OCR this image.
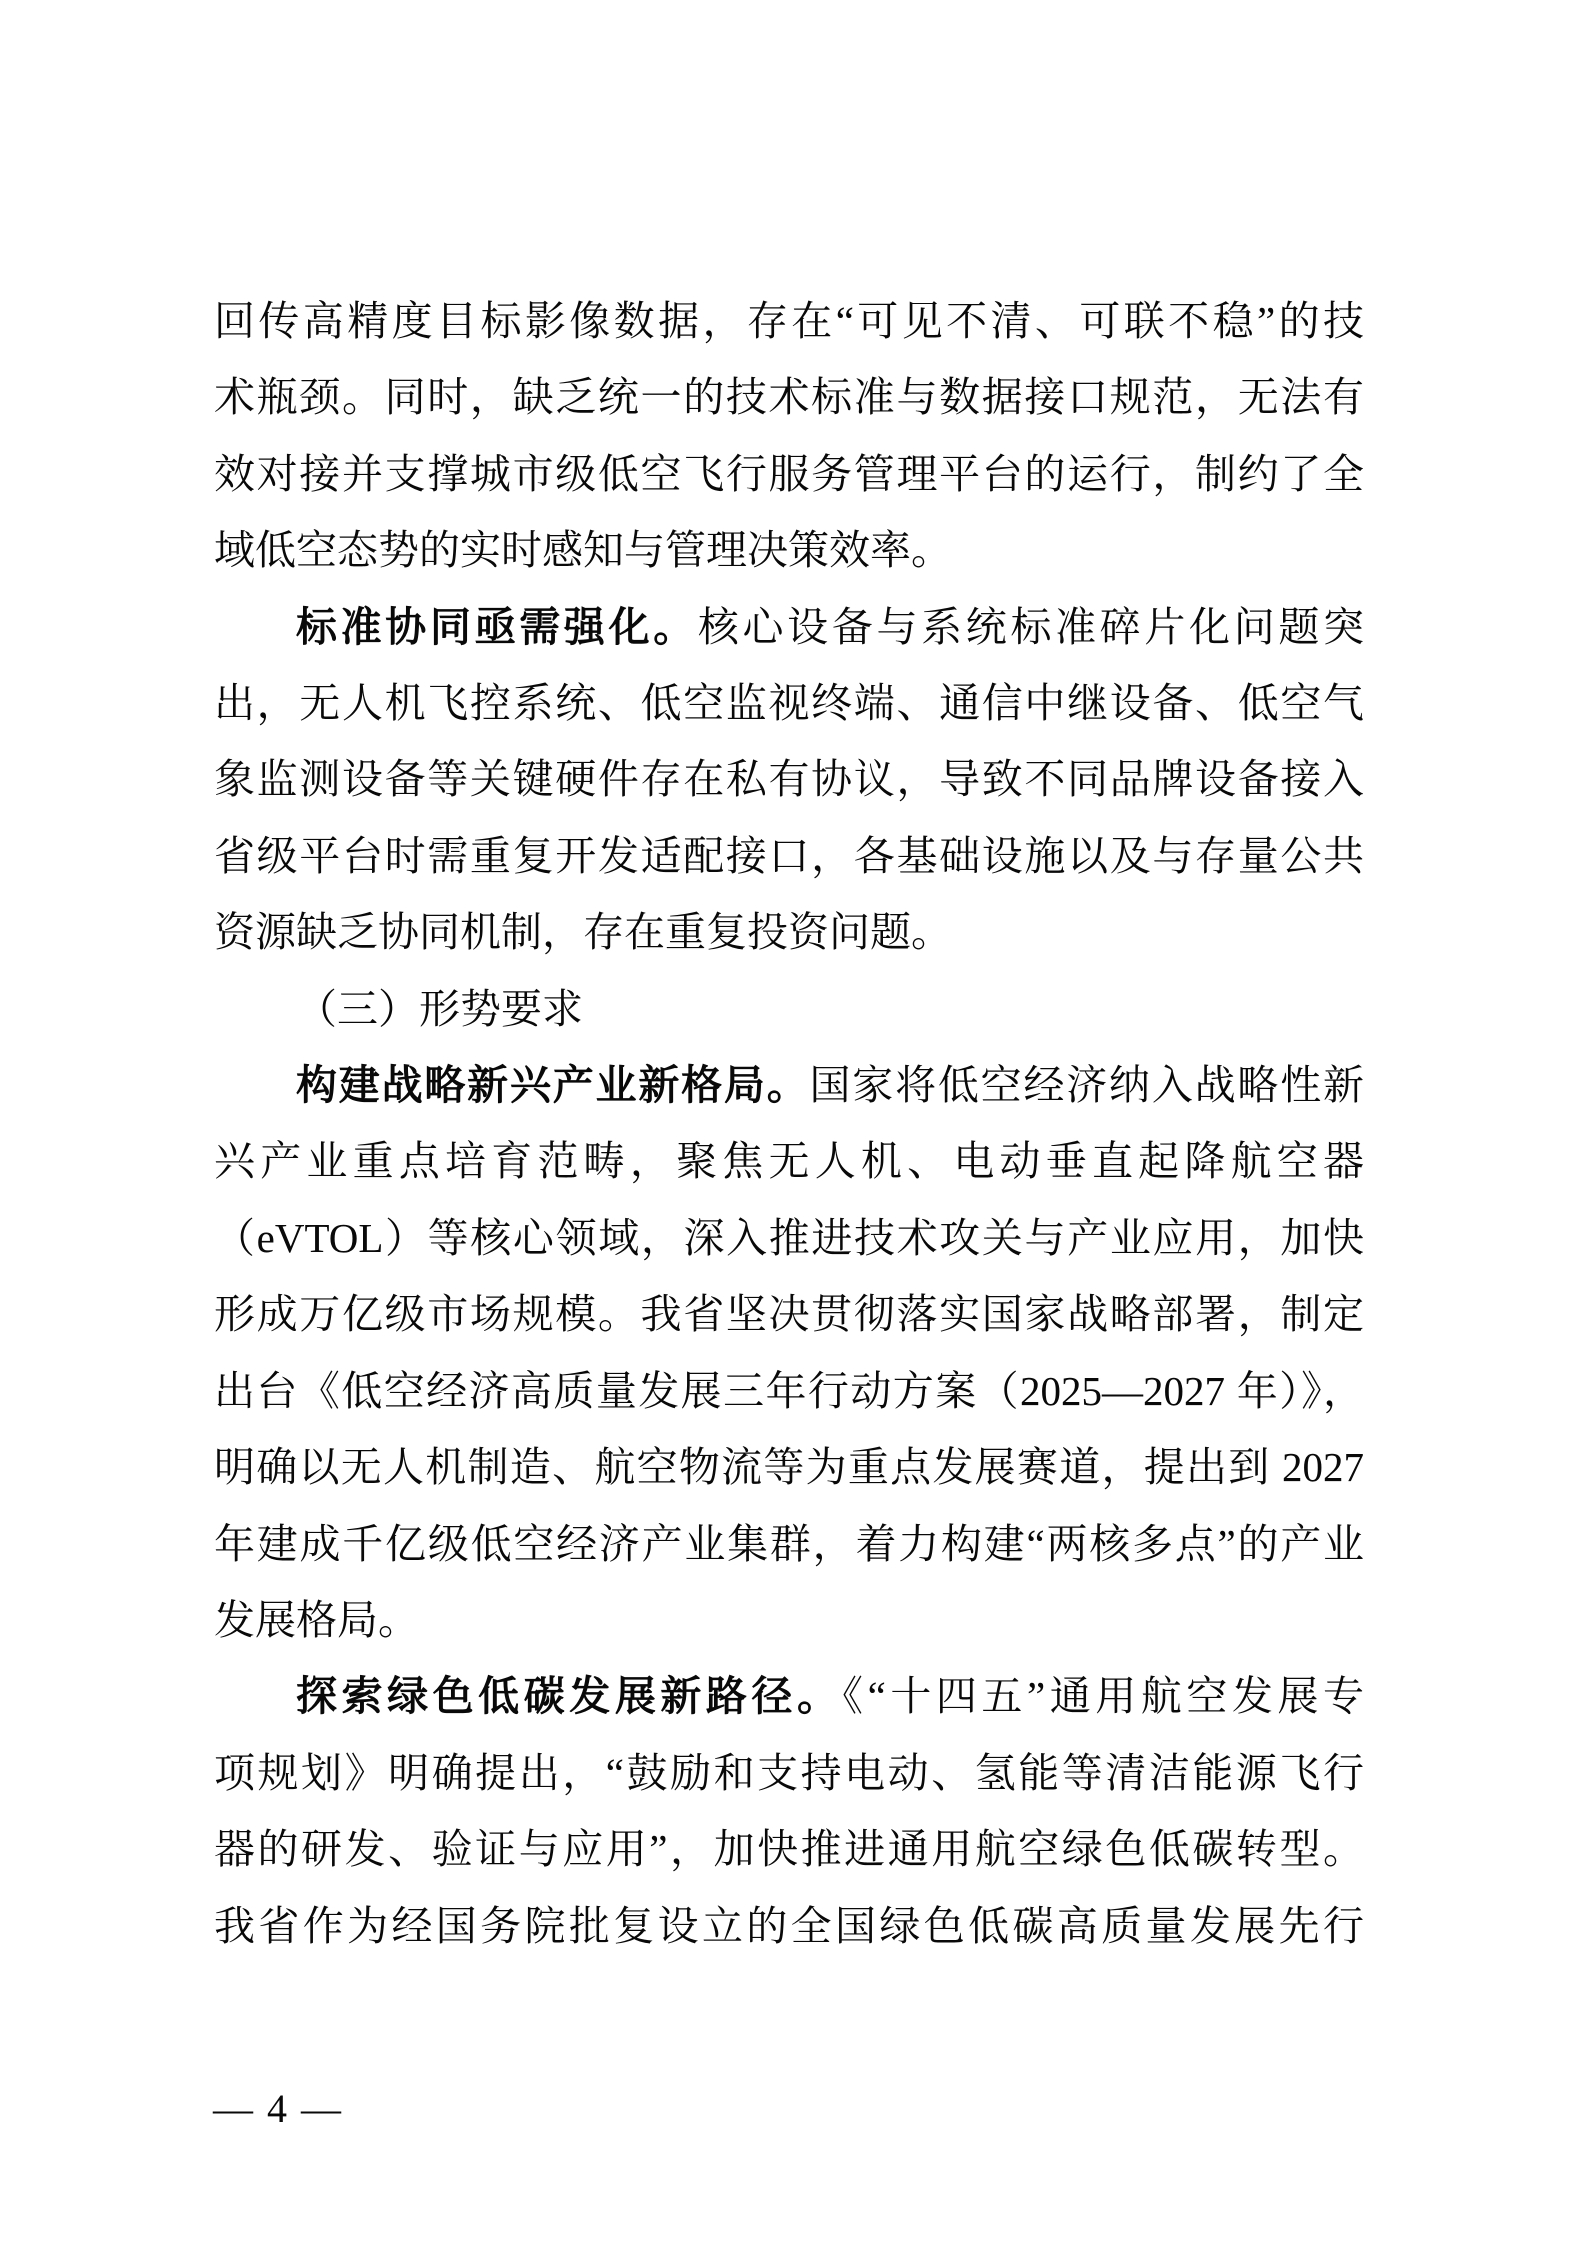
回传高精度目标影像数据，存在“可见不清、可联不稳”的技
术瓶颈。同时，缺乏统一的技术标准与数据接口规范，无法有
效对接并支撑城市级低空飞行服务管理平台的运行，制约了全
域低空态势的实时感知与管理决策效率。
标准协同亟需强化。核心设备与系统标准碎片化问题突
出，无人机飞控系统、低空监视终端、通信中继设备、低空气
象监测设备等关键硬件存在私有协议，导致不同品牌设备接入
省级平台时需重复开发适配接口，各基础设施以及与存量公共
资源缺乏协同机制，存在重复投资问题。
（三）形势要求
构建战略新兴产业新格局。国家将低空经济纳入战略性新
兴产业重点培育范畴，聚焦无人机、电动垂直起降航空器
（eVTOL）等核心领域，深入推进技术攻关与产业应用，加快
形成万亿级市场规模。我省坚决贯彻落实国家战略部署，制定
出台《低空经济高质量发展三年行动方案（2025—2027 年）》，
明确以无人机制造、航空物流等为重点发展赛道，提出到 2027
年建成千亿级低空经济产业集群，着力构建“两核多点”的产业
发展格局。
探索绿色低碳发展新路径。《“十四五”通用航空发展专
项规划》明确提出，“鼓励和支持电动、氢能等清洁能源飞行
器的研发、验证与应用”，加快推进通用航空绿色低碳转型。
我省作为经国务院批复设立的全国绿色低碳高质量发展先行
— 4 —
